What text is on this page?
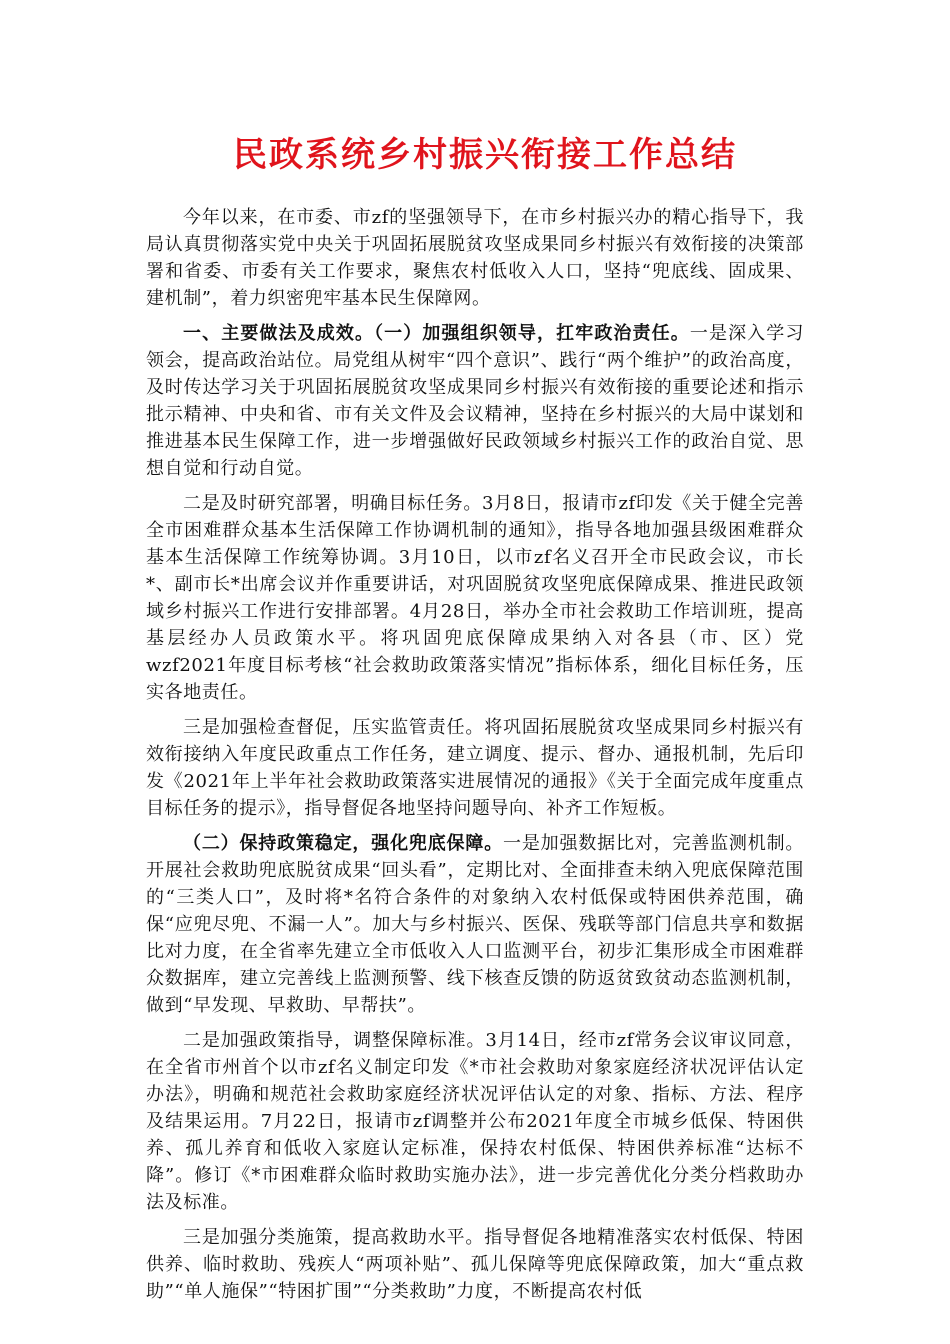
民政系统乡村振兴衔接工作总结

今年以来，在市委、市zf的坚强领导下，在市乡村振兴办的精心指导下，我局认真贯彻落实党中央关于巩固拓展脱贫攻坚成果同乡村振兴有效衔接的决策部署和省委、市委有关工作要求，聚焦农村低收入人口，坚持“兜底线、固成果、建机制”，着力织密兜牢基本民生保障网。

一、主要做法及成效。（一）加强组织领导，扛牢政治责任。一是深入学习领会，提高政治站位。局党组从树牢“四个意识”、践行“两个维护”的政治高度，及时传达学习关于巩固拓展脱贫攻坚成果同乡村振兴有效衔接的重要论述和指示批示精神、中央和省、市有关文件及会议精神，坚持在乡村振兴的大局中谋划和推进基本民生保障工作，进一步增强做好民政领域乡村振兴工作的政治自觉、思想自觉和行动自觉。

二是及时研究部署，明确目标任务。3月8日，报请市zf印发《关于健全完善全市困难群众基本生活保障工作协调机制的通知》，指导各地加强县级困难群众基本生活保障工作统筹协调。3月10日，以市zf名义召开全市民政会议，市长*、副市长*出席会议并作重要讲话，对巩固脱贫攻坚兜底保障成果、推进民政领域乡村振兴工作进行安排部署。4月28日，举办全市社会救助工作培训班，提高基层经办人员政策水平。将巩固兜底保障成果纳入对各县（市、区）党wzf2021年度目标考核“社会救助政策落实情况”指标体系，细化目标任务，压实各地责任。

三是加强检查督促，压实监管责任。将巩固拓展脱贫攻坚成果同乡村振兴有效衔接纳入年度民政重点工作任务，建立调度、提示、督办、通报机制，先后印发《2021年上半年社会救助政策落实进展情况的通报》《关于全面完成年度重点目标任务的提示》，指导督促各地坚持问题导向、补齐工作短板。

（二）保持政策稳定，强化兜底保障。一是加强数据比对，完善监测机制。开展社会救助兜底脱贫成果“回头看”，定期比对、全面排查未纳入兜底保障范围的“三类人口”，及时将*名符合条件的对象纳入农村低保或特困供养范围，确保“应兜尽兜、不漏一人”。加大与乡村振兴、医保、残联等部门信息共享和数据比对力度，在全省率先建立全市低收入人口监测平台，初步汇集形成全市困难群众数据库，建立完善线上监测预警、线下核查反馈的防返贫致贫动态监测机制，做到“早发现、早救助、早帮扶”。

二是加强政策指导，调整保障标准。3月14日，经市zf常务会议审议同意，在全省市州首个以市zf名义制定印发《*市社会救助对象家庭经济状况评估认定办法》，明确和规范社会救助家庭经济状况评估认定的对象、指标、方法、程序及结果运用。7月22日，报请市zf调整并公布2021年度全市城乡低保、特困供养、孤儿养育和低收入家庭认定标准，保持农村低保、特困供养标准“达标不降”。修订《*市困难群众临时救助实施办法》，进一步完善优化分类分档救助办法及标准。

三是加强分类施策，提高救助水平。指导督促各地精准落实农村低保、特困供养、临时救助、残疾人“两项补贴”、孤儿保障等兜底保障政策，加大“重点救助”“单人施保”“特困扩围”“分类救助”力度，不断提高农村低
